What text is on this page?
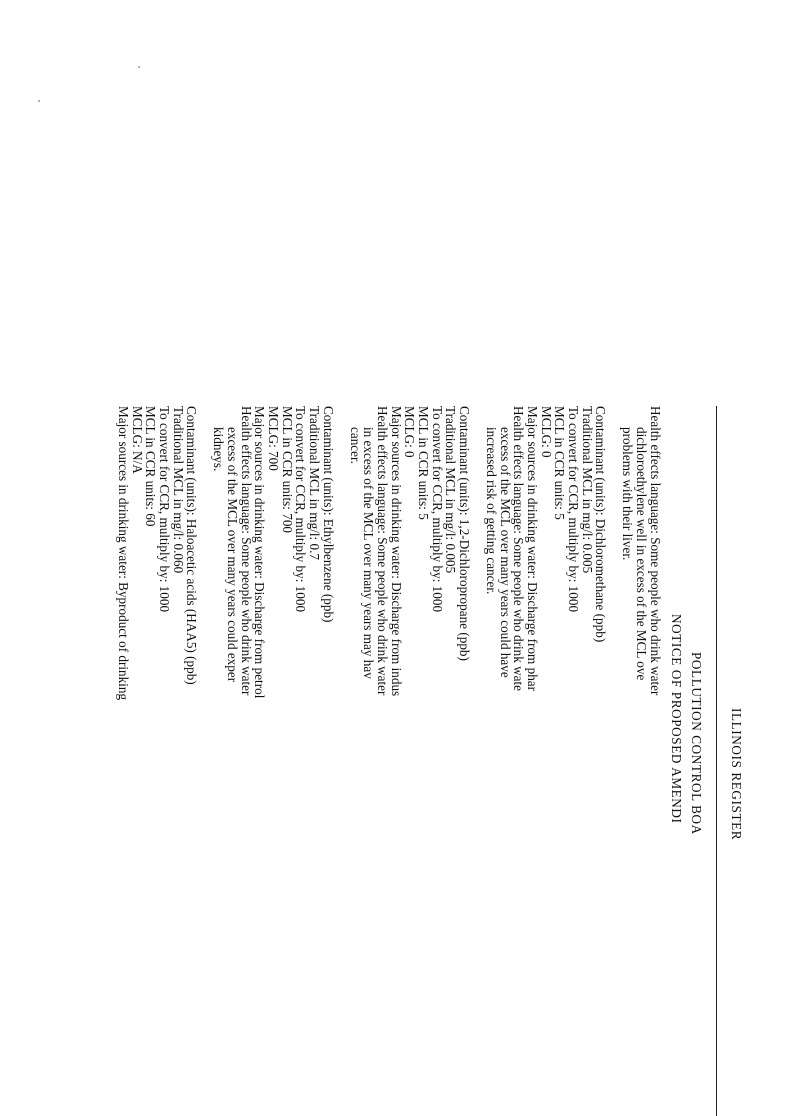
ILLINOIS REGISTER
POLLUTION CONTROL BOA
NOTICE OF PROPOSED AMENDI
Health effects language: Some people who drink water
dichloroethylene well in excess of the MCL ove
problems with their liver.
Contaminant (units): Dichloromethane (ppb)
Traditional MCL in mg/l: 0.005
To convert for CCR, multiply by: 1000
MCL in CCR units: 5
MCLG: 0
Major sources in drinking water: Discharge from phar
Health effects language: Some people who drink wate
excess of the MCL over many years could have
increased risk of getting cancer.
Contaminant (units): 1,2-Dichloropropane (ppb)
Traditional MCL in mg/l: 0.005
To convert for CCR, multiply by: 1000
MCL in CCR units: 5
MCLG: 0
Major sources in drinking water: Discharge from indus
Health effects language: Some people who drink water
in excess of the MCL over many years may hav
cancer.
Contaminant (units): Ethylbenzene (ppb)
Traditional MCL in mg/l: 0.7
To convert for CCR, multiply by: 1000
MCL in CCR units: 700
MCLG: 700
Major sources in drinking water: Discharge from petrol
Health effects language: Some people who drink water
excess of the MCL over many years could exper
kidneys.
Contaminant (units): Haloacetic acids (HAA5) (ppb)
Traditional MCL in mg/l: 0.060
To convert for CCR, multiply by: 1000
MCL in CCR units: 60
MCLG: N/A
Major sources in drinking water: Byproduct of drinking
